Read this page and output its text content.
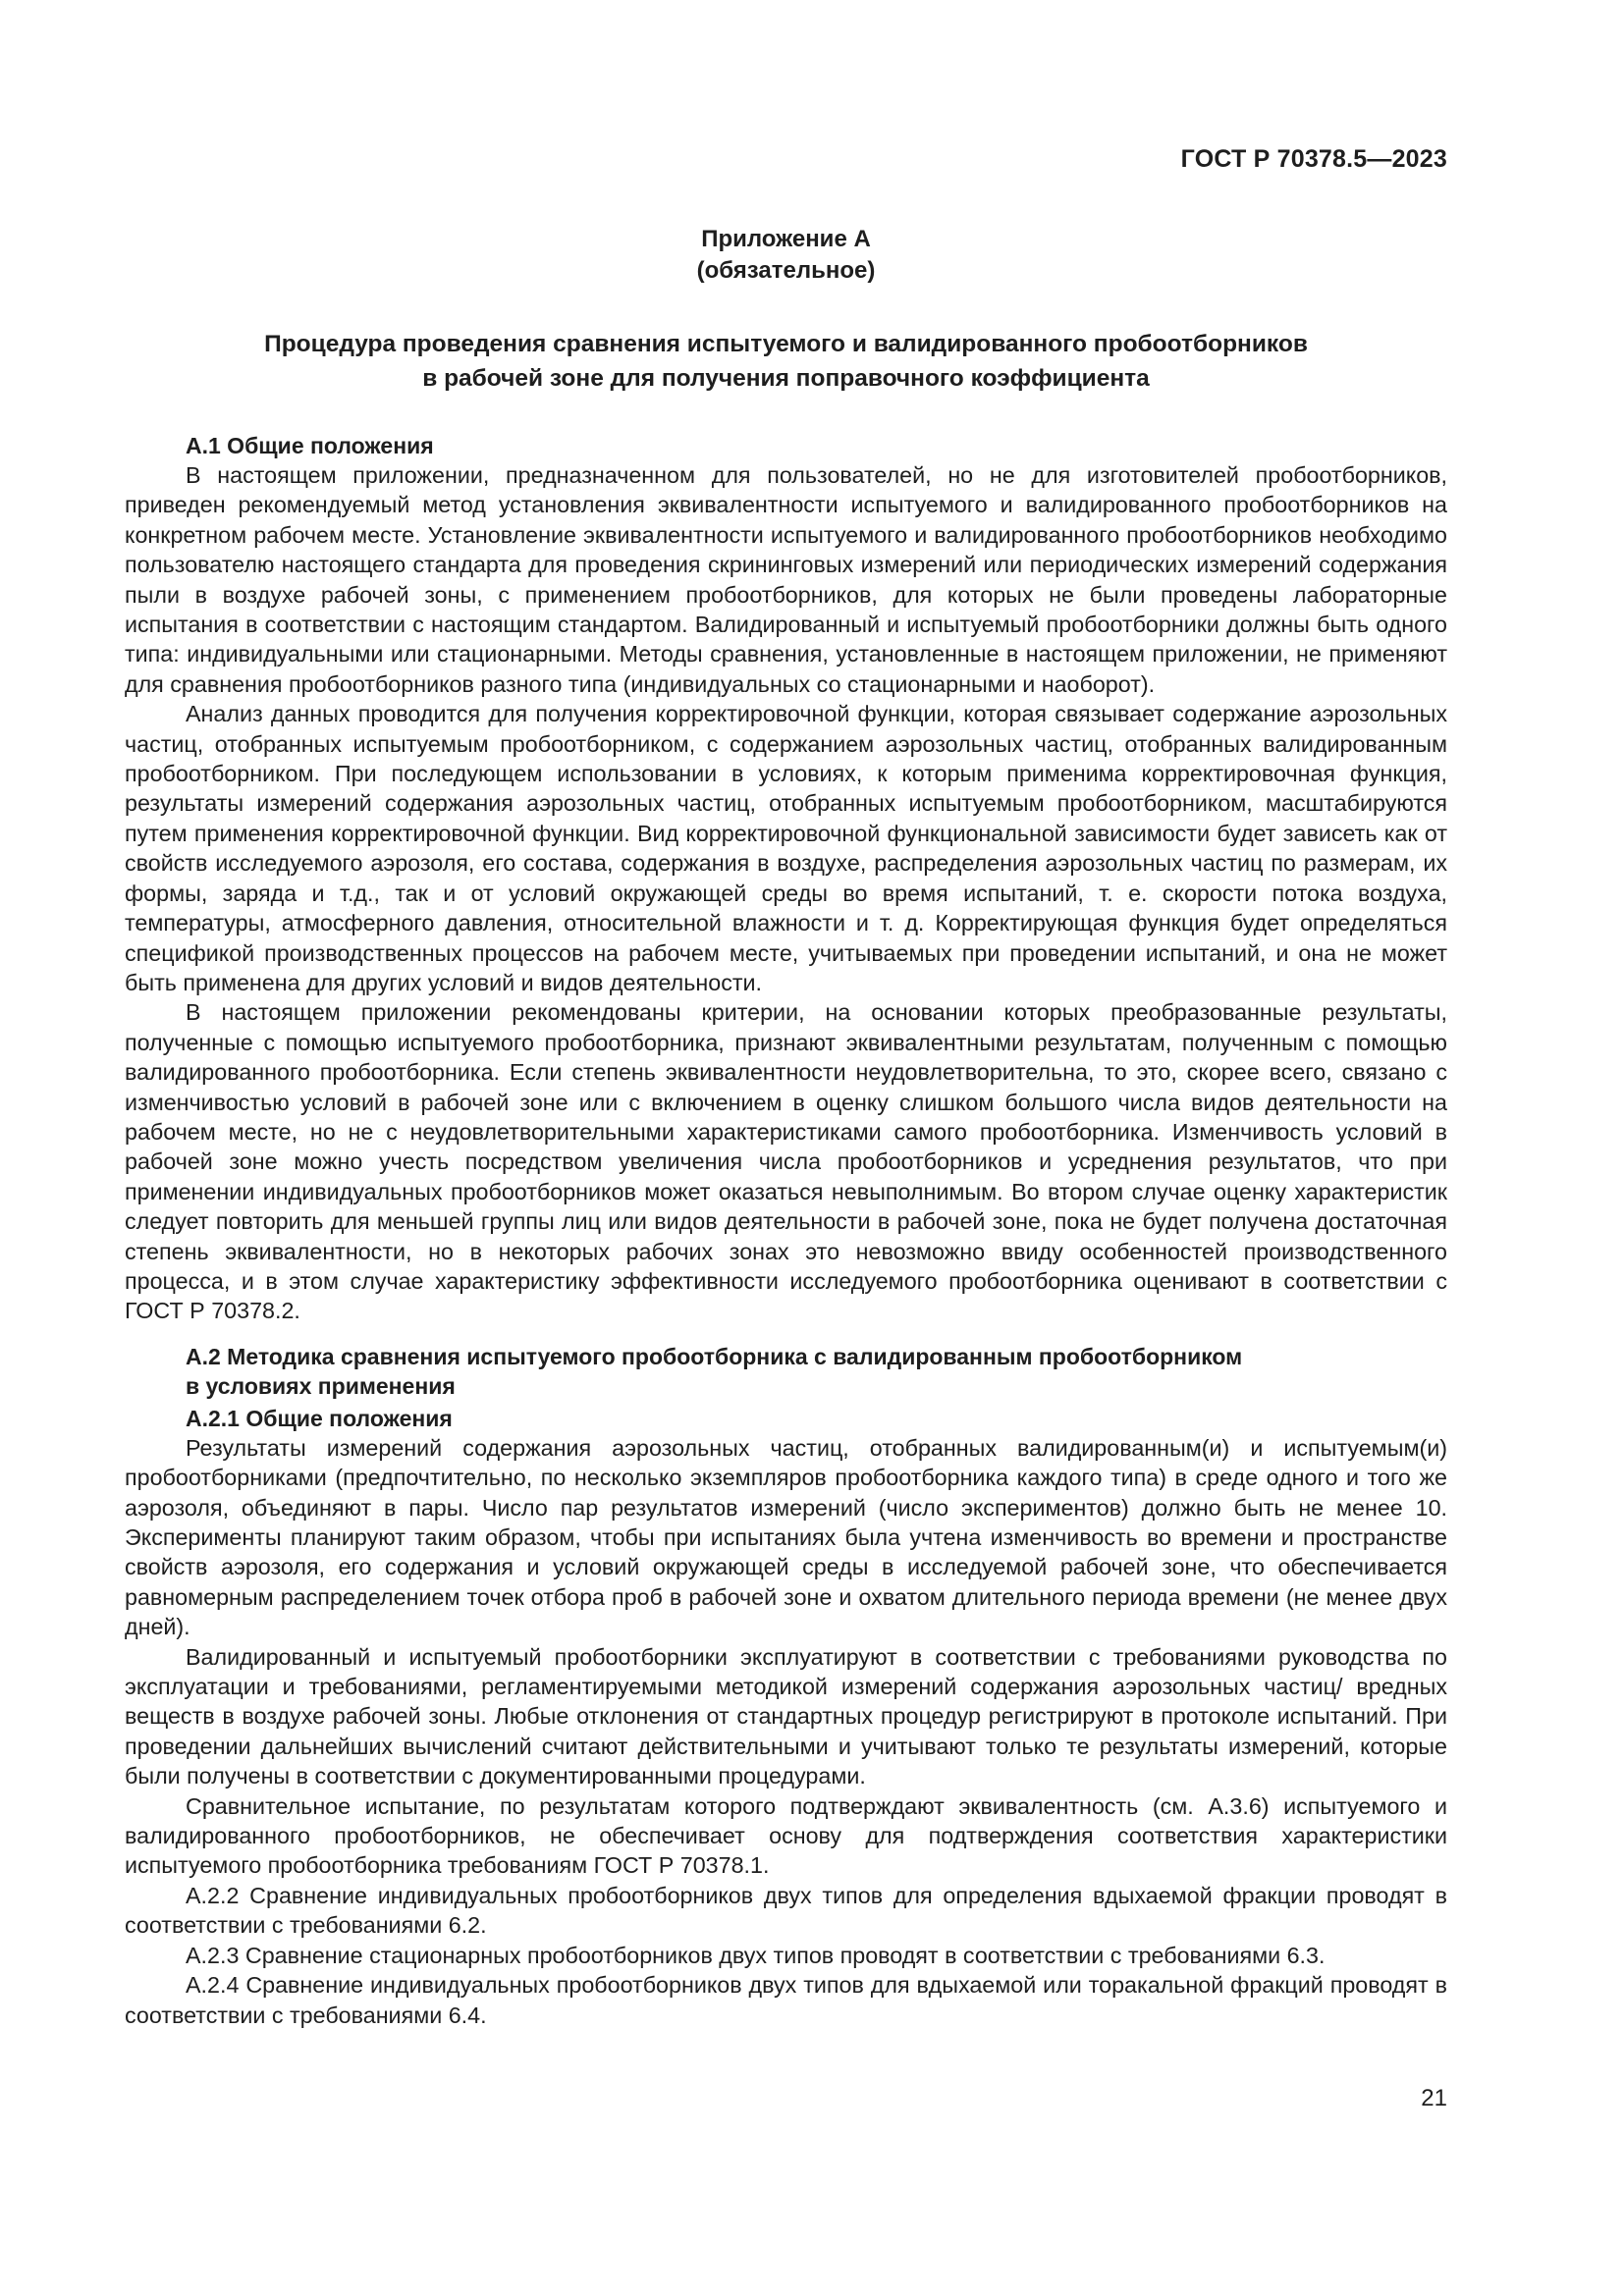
ГОСТ Р 70378.5—2023

Приложение А

(обязательное)

Процедура проведения сравнения испытуемого и валидированного пробоотборников
в рабочей зоне для получения поправочного коэффициента

А.1 Общие положения

В настоящем приложении, предназначенном для пользователей, но не для изготовителей пробоотборников, приведен рекомендуемый метод установления эквивалентности испытуемого и валидированного пробоотборников на конкретном рабочем месте. Установление эквивалентности испытуемого и валидированного пробоотборников необходимо пользователю настоящего стандарта для проведения скрининговых измерений или периодических измерений содержания пыли в воздухе рабочей зоны, с применением пробоотборников, для которых не были проведены лабораторные испытания в соответствии с настоящим стандартом. Валидированный и испытуемый пробоотборники должны быть одного типа: индивидуальными или стационарными. Методы сравнения, установленные в настоящем приложении, не применяют для сравнения пробоотборников разного типа (индивидуальных со стационарными и наоборот).

Анализ данных проводится для получения корректировочной функции, которая связывает содержание аэрозольных частиц, отобранных испытуемым пробоотборником, с содержанием аэрозольных частиц, отобранных валидированным пробоотборником. При последующем использовании в условиях, к которым применима корректировочная функция, результаты измерений содержания аэрозольных частиц, отобранных испытуемым пробоотборником, масштабируются путем применения корректировочной функции. Вид корректировочной функциональной зависимости будет зависеть как от свойств исследуемого аэрозоля, его состава, содержания в воздухе, распределения аэрозольных частиц по размерам, их формы, заряда и т.д., так и от условий окружающей среды во время испытаний, т. е. скорости потока воздуха, температуры, атмосферного давления, относительной влажности и т. д. Корректирующая функция будет определяться спецификой производственных процессов на рабочем месте, учитываемых при проведении испытаний, и она не может быть применена для других условий и видов деятельности.

В настоящем приложении рекомендованы критерии, на основании которых преобразованные результаты, полученные с помощью испытуемого пробоотборника, признают эквивалентными результатам, полученным с помощью валидированного пробоотборника. Если степень эквивалентности неудовлетворительна, то это, скорее всего, связано с изменчивостью условий в рабочей зоне или с включением в оценку слишком большого числа видов деятельности на рабочем месте, но не с неудовлетворительными характеристиками самого пробоотборника. Изменчивость условий в рабочей зоне можно учесть посредством увеличения числа пробоотборников и усреднения результатов, что при применении индивидуальных пробоотборников может оказаться невыполнимым. Во втором случае оценку характеристик следует повторить для меньшей группы лиц или видов деятельности в рабочей зоне, пока не будет получена достаточная степень эквивалентности, но в некоторых рабочих зонах это невозможно ввиду особенностей производственного процесса, и в этом случае характеристику эффективности исследуемого пробоотборника оценивают в соответствии с ГОСТ Р 70378.2.

А.2 Методика сравнения испытуемого пробоотборника с валидированным пробоотборником
в условиях применения

А.2.1 Общие положения

Результаты измерений содержания аэрозольных частиц, отобранных валидированным(и) и испытуемым(и) пробоотборниками (предпочтительно, по несколько экземпляров пробоотборника каждого типа) в среде одного и того же аэрозоля, объединяют в пары. Число пар результатов измерений (число экспериментов) должно быть не менее 10. Эксперименты планируют таким образом, чтобы при испытаниях была учтена изменчивость во времени и пространстве свойств аэрозоля, его содержания и условий окружающей среды в исследуемой рабочей зоне, что обеспечивается равномерным распределением точек отбора проб в рабочей зоне и охватом длительного периода времени (не менее двух дней).

Валидированный и испытуемый пробоотборники эксплуатируют в соответствии с требованиями руководства по эксплуатации и требованиями, регламентируемыми методикой измерений содержания аэрозольных частиц/ вредных веществ в воздухе рабочей зоны. Любые отклонения от стандартных процедур регистрируют в протоколе испытаний. При проведении дальнейших вычислений считают действительными и учитывают только те результаты измерений, которые были получены в соответствии с документированными процедурами.

Сравнительное испытание, по результатам которого подтверждают эквивалентность (см. А.3.6) испытуемого и валидированного пробоотборников, не обеспечивает основу для подтверждения соответствия характеристики испытуемого пробоотборника требованиям ГОСТ Р 70378.1.

А.2.2 Сравнение индивидуальных пробоотборников двух типов для определения вдыхаемой фракции проводят в соответствии с требованиями 6.2.

А.2.3 Сравнение стационарных пробоотборников двух типов проводят в соответствии с требованиями 6.3.

А.2.4 Сравнение индивидуальных пробоотборников двух типов для вдыхаемой или торакальной фракций проводят в соответствии с требованиями 6.4.

21
